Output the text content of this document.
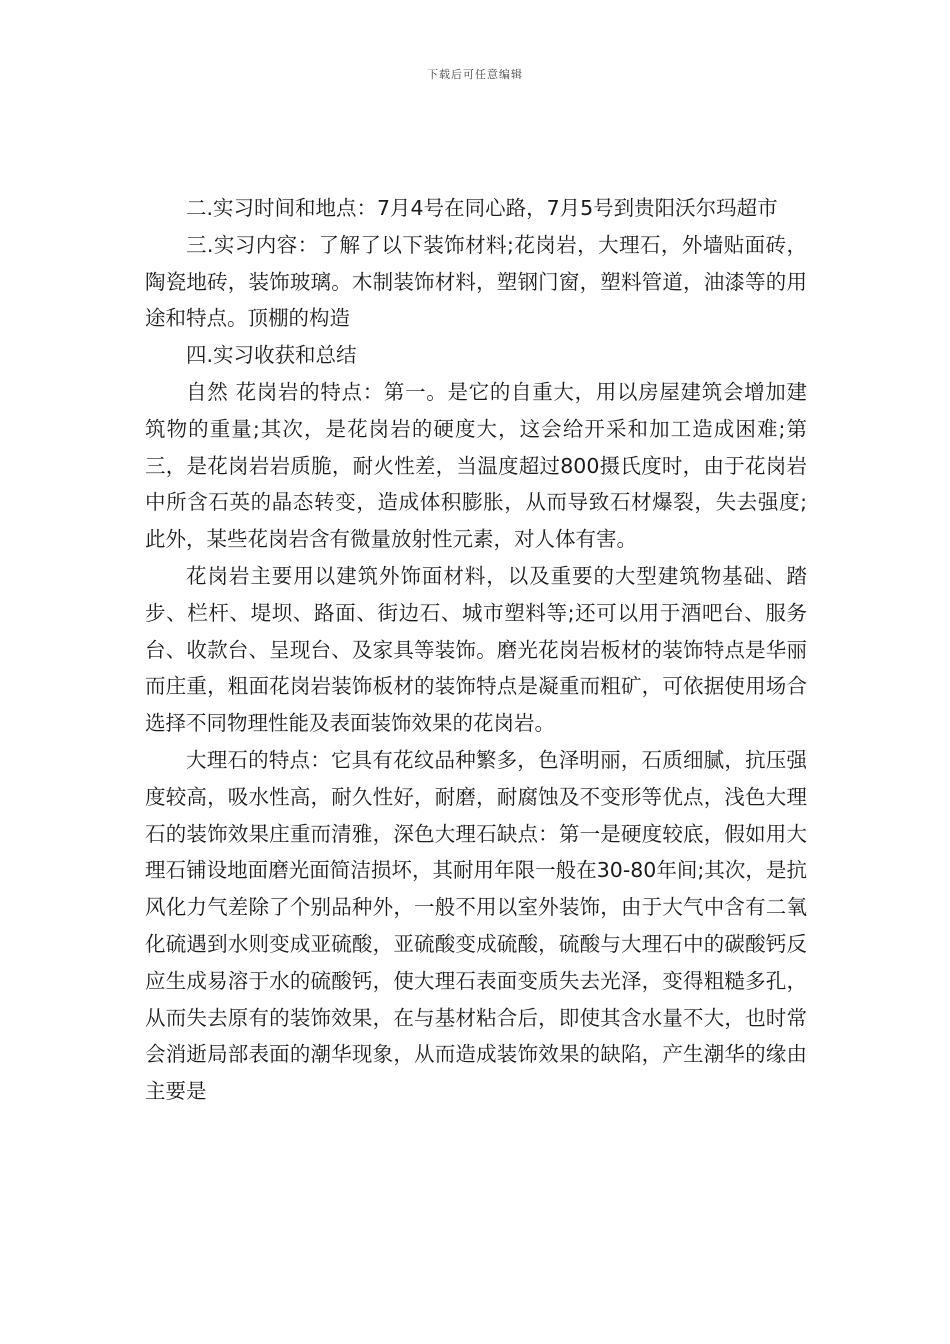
下载后可任意编辑

二.实习时间和地点：7月4号在同心路，7月5号到贵阳沃尔玛超市

三.实习内容：了解了以下装饰材料;花岗岩，大理石，外墙贴面砖，陶瓷地砖，装饰玻璃。木制装饰材料，塑钢门窗，塑料管道，油漆等的用途和特点。顶棚的构造

四.实习收获和总结

自然 花岗岩的特点：第一。是它的自重大，用以房屋建筑会增加建筑物的重量;其次，是花岗岩的硬度大，这会给开采和加工造成困难;第三，是花岗岩岩质脆，耐火性差，当温度超过800摄氏度时，由于花岗岩中所含石英的晶态转变，造成体积膨胀，从而导致石材爆裂，失去强度;此外，某些花岗岩含有微量放射性元素，对人体有害。

花岗岩主要用以建筑外饰面材料，以及重要的大型建筑物基础、踏步、栏杆、堤坝、路面、街边石、城市塑料等;还可以用于酒吧台、服务台、收款台、呈现台、及家具等装饰。磨光花岗岩板材的装饰特点是华丽而庄重，粗面花岗岩装饰板材的装饰特点是凝重而粗矿，可依据使用场合选择不同物理性能及表面装饰效果的花岗岩。

大理石的特点：它具有花纹品种繁多，色泽明丽，石质细腻，抗压强度较高，吸水性高，耐久性好，耐磨，耐腐蚀及不变形等优点，浅色大理石的装饰效果庄重而清雅，深色大理石缺点：第一是硬度较底，假如用大理石铺设地面磨光面简洁损坏，其耐用年限一般在30-80年间;其次，是抗风化力气差除了个别品种外，一般不用以室外装饰，由于大气中含有二氧化硫遇到水则变成亚硫酸，亚硫酸变成硫酸，硫酸与大理石中的碳酸钙反应生成易溶于水的硫酸钙，使大理石表面变质失去光泽，变得粗糙多孔，从而失去原有的装饰效果，在与基材粘合后，即使其含水量不大，也时常会消逝局部表面的潮华现象，从而造成装饰效果的缺陷，产生潮华的缘由主要是
